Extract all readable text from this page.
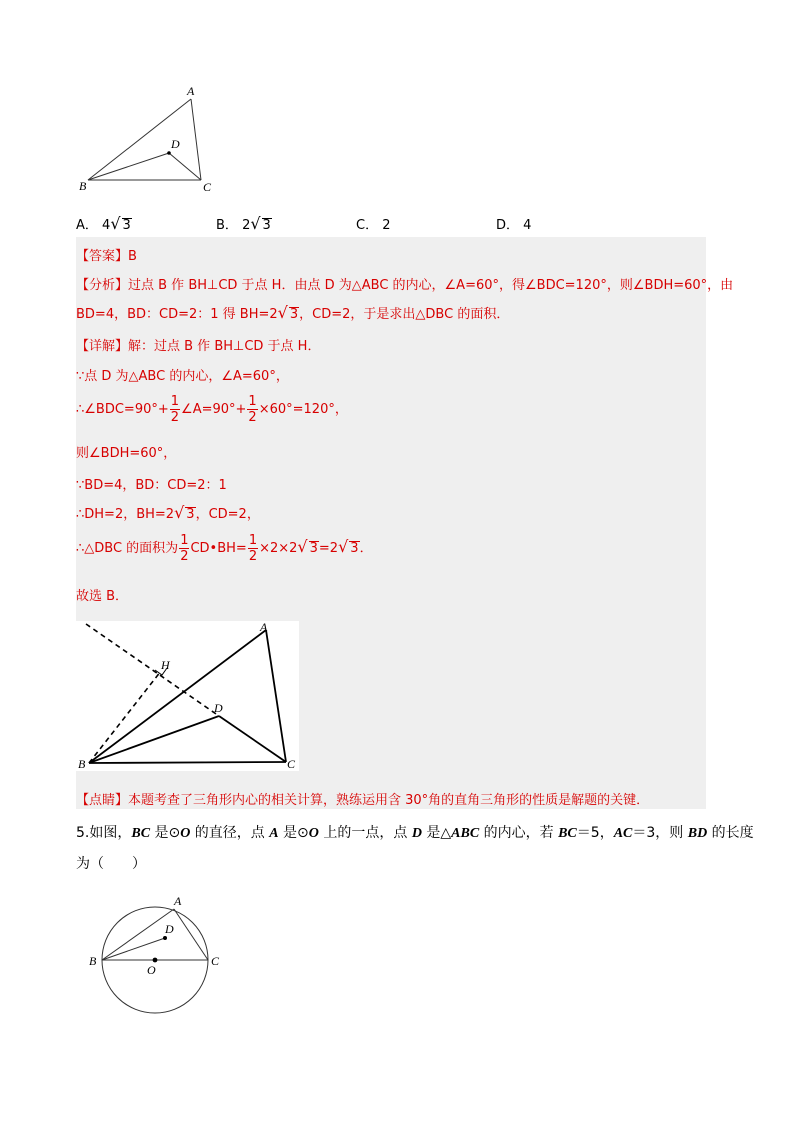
A
B	C
D
A． 4√ 3	B． 2√ 3	C． 2	D． 4
【答案】B
【分析】过点 B 作 BH⊥CD 于点 H．由点 D 为△ABC 的内心，∠A=60°，得∠BDC=120°，则∠BDH=60°，由
BD=4，BD：CD=2：1 得 BH=2√ 3，CD=2，于是求出△DBC 的面积．
【详解】解：过点 B 作 BH⊥CD 于点 H．
∵点 D 为△ABC 的内心，∠A=60°，
∴∠BDC=90°+ $\frac{1}{2}$ ∠A=90°+ $\frac{1}{2} \times 60^\circ=120^\circ$，
则∠BDH=60°，
∵BD=4，BD：CD=2：1
∴DH=2，BH=2√ 3，CD=2，
∴△DBC 的面积为 $\frac{1}{2}$ CD•BH= $\frac{1}{2} \times 2\times 2√$ 3=2√ 3．
故选 B．
A
B	C
D
H
【点睛】本题考查了三角形内心的相关计算，熟练运用含 30°角的直角三角形的性质是解题的关键．
5.如图，BC 是⊙O 的直径，点 A 是⊙O 上的一点，点 D 是△ABC 的内心，若 BC＝5，AC＝3，则 BD 的长度
为（　　）
A
B	C
D
O
